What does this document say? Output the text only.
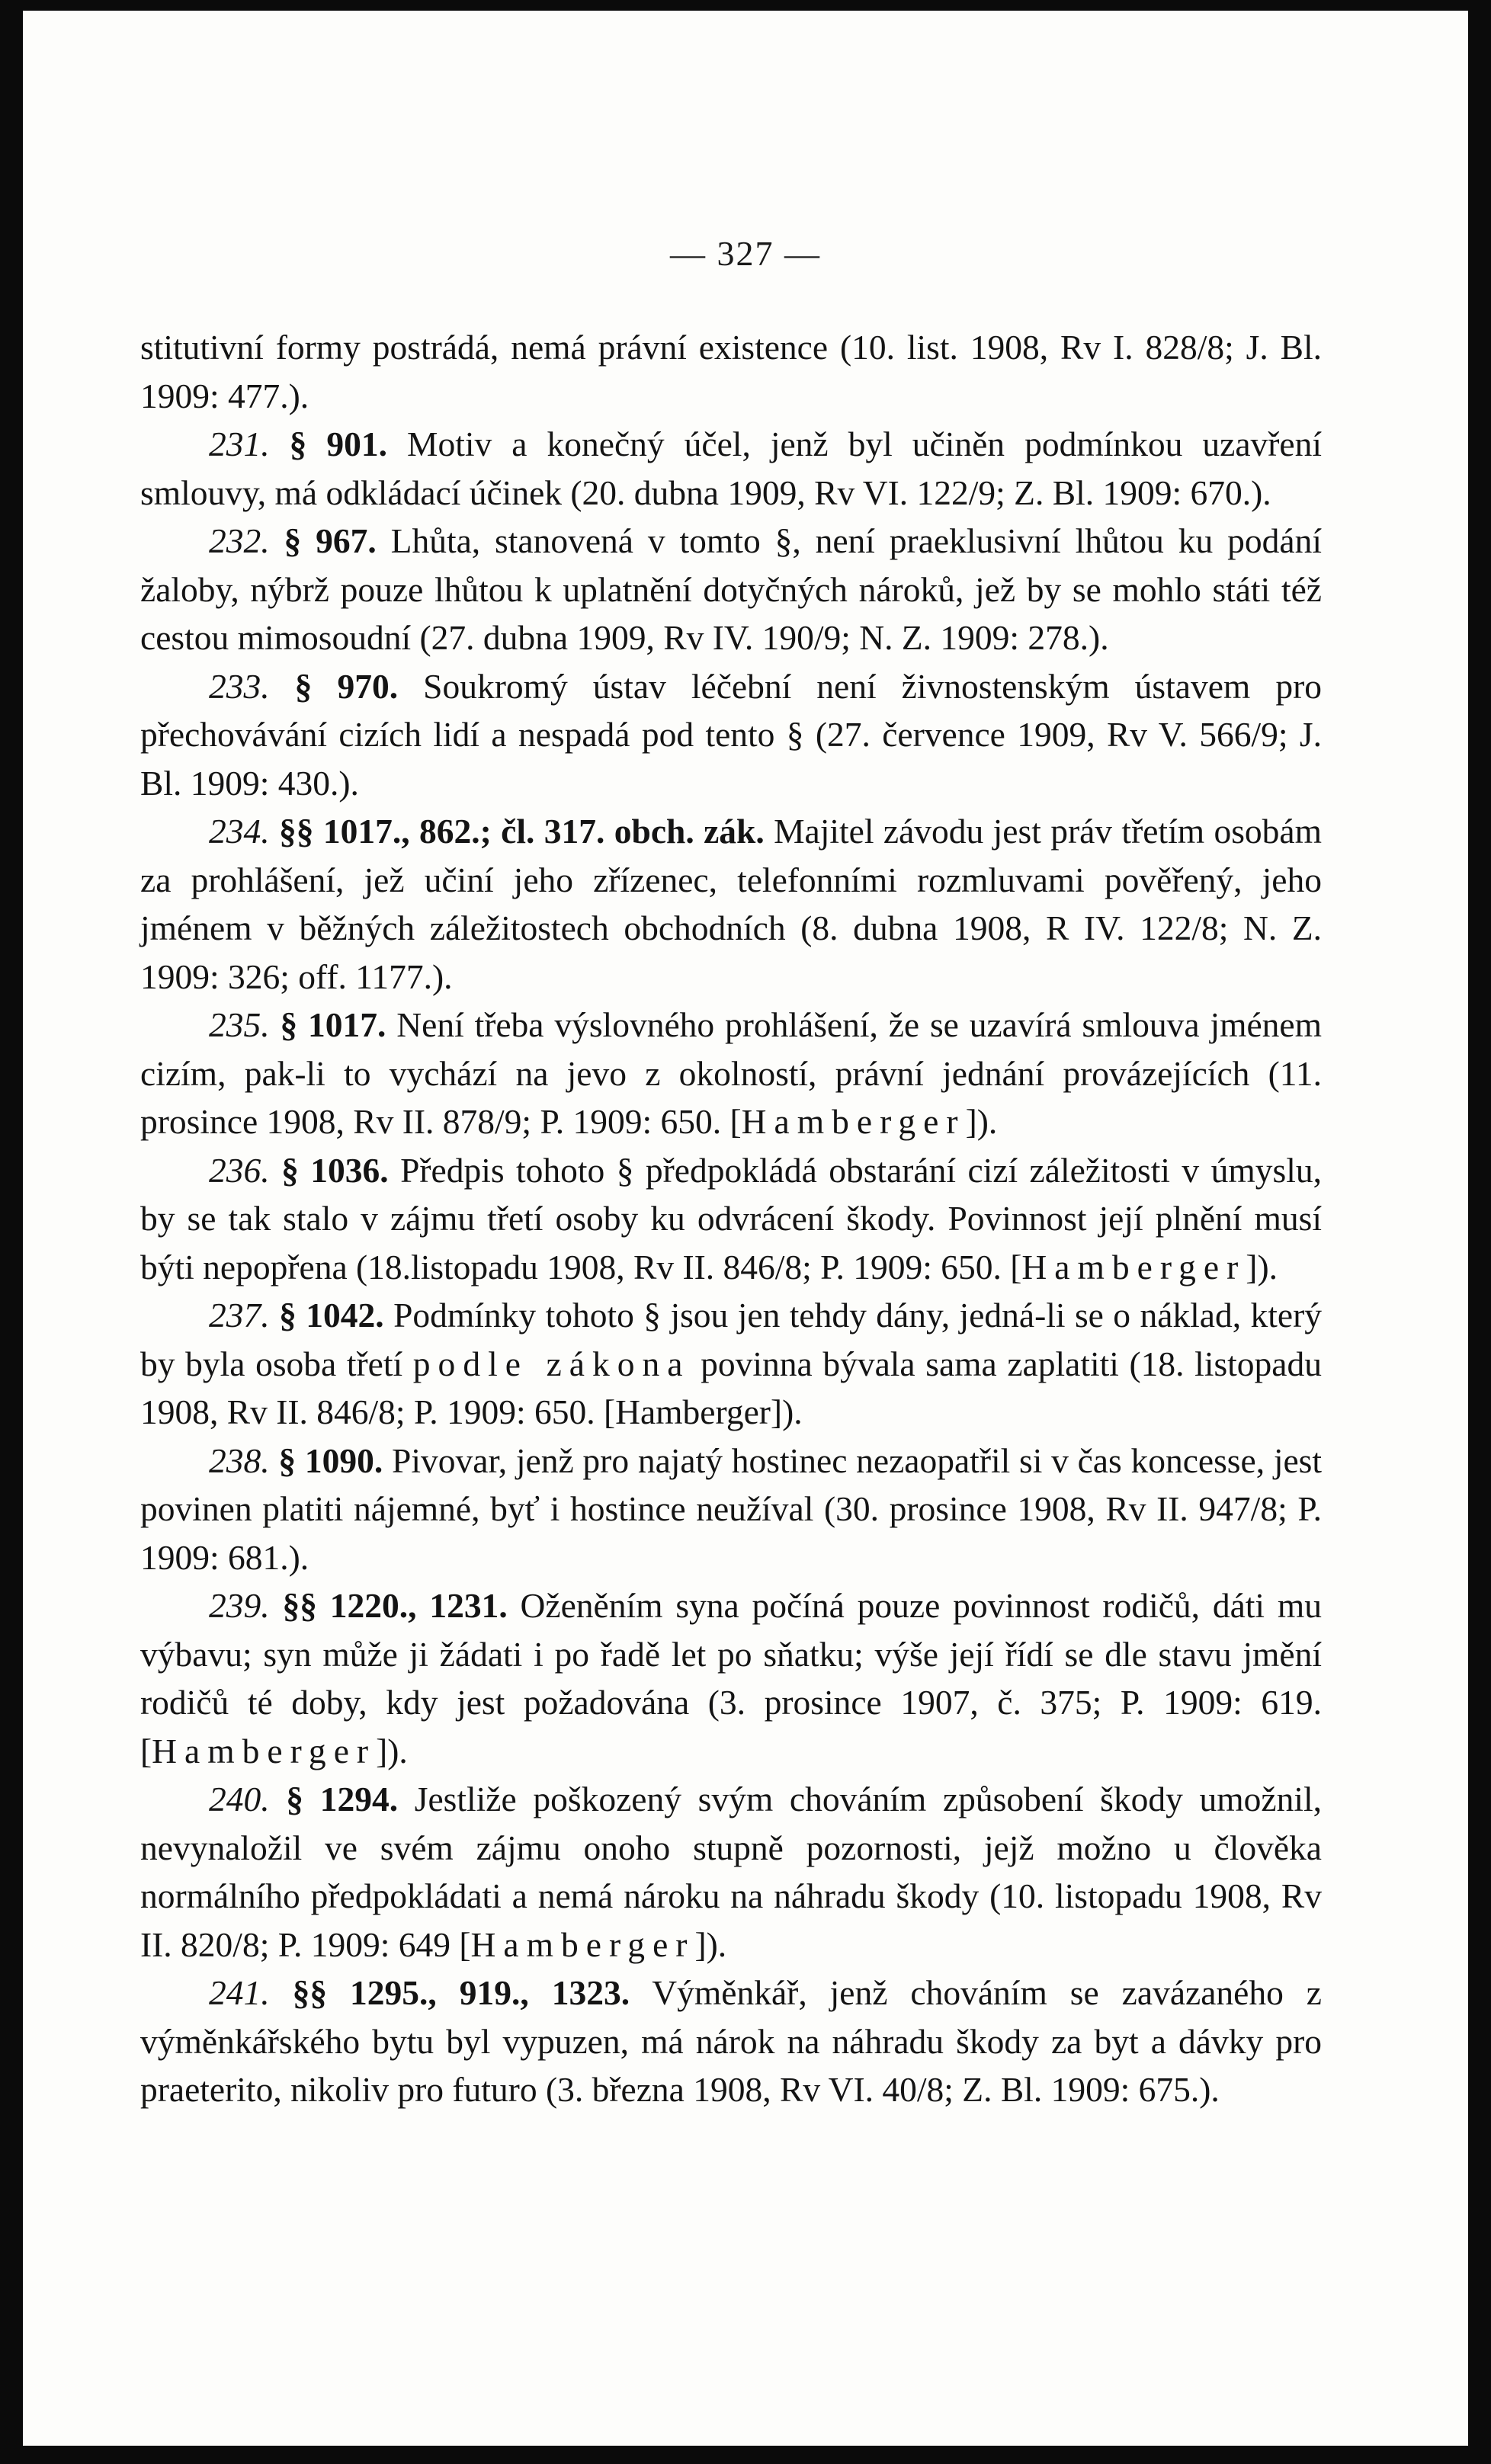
— 327 —

stitutivní formy postrádá, nemá právní existence (10. list. 1908, Rv I. 828/8; J. Bl. 1909: 477.).

231. § 901. Motiv a konečný účel, jenž byl učiněn podmínkou uzavření smlouvy, má odkládací účinek (20. dubna 1909, Rv VI. 122/9; Z. Bl. 1909: 670.).

232. § 967. Lhůta, stanovená v tomto §, není praeklusivní lhůtou ku podání žaloby, nýbrž pouze lhůtou k uplatnění dotyčných nároků, jež by se mohlo státi též cestou mimosoudní (27. dubna 1909, Rv IV. 190/9; N. Z. 1909: 278.).

233. § 970. Soukromý ústav léčební není živnostenským ústavem pro přechovávání cizích lidí a nespadá pod tento § (27. července 1909, Rv V. 566/9; J. Bl. 1909: 430.).

234. §§ 1017., 862.; čl. 317. obch. zák. Majitel závodu jest práv třetím osobám za prohlášení, jež učiní jeho zřízenec, telefonními rozmluvami pověřený, jeho jménem v běžných záležitostech obchodních (8. dubna 1908, R IV. 122/8; N. Z. 1909: 326; off. 1177.).

235. § 1017. Není třeba výslovného prohlášení, že se uzavírá smlouva jménem cizím, pak-li to vychází na jevo z okolností, právní jednání provázejících (11. prosince 1908, Rv II. 878/9; P. 1909: 650. [Hamberger]).

236. § 1036. Předpis tohoto § předpokládá obstarání cizí záležitosti v úmyslu, by se tak stalo v zájmu třetí osoby ku odvrácení škody. Povinnost její plnění musí býti nepopřena (18.listopadu 1908, Rv II. 846/8; P. 1909: 650. [Hamberger]).

237. § 1042. Podmínky tohoto § jsou jen tehdy dány, jedná-li se o náklad, který by byla osoba třetí podle zákona povinna bývala sama zaplatiti (18. listopadu 1908, Rv II. 846/8; P. 1909: 650. [Hamberger]).

238. § 1090. Pivovar, jenž pro najatý hostinec nezaopatřil si v čas koncesse, jest povinen platiti nájemné, byť i hostince neužíval (30. prosince 1908, Rv II. 947/8; P. 1909: 681.).

239. §§ 1220., 1231. Oženěním syna počíná pouze povinnost rodičů, dáti mu výbavu; syn může ji žádati i po řadě let po sňatku; výše její řídí se dle stavu jmění rodičů té doby, kdy jest požadována (3. prosince 1907, č. 375; P. 1909: 619. [Hamberger]).

240. § 1294. Jestliže poškozený svým chováním způsobení škody umožnil, nevynaložil ve svém zájmu onoho stupně pozornosti, jejž možno u člověka normálního předpokládati a nemá nároku na náhradu škody (10. listopadu 1908, Rv II. 820/8; P. 1909: 649 [Hamberger]).

241. §§ 1295., 919., 1323. Výměnkář, jenž chováním se zavázaného z výměnkářského bytu byl vypuzen, má nárok na náhradu škody za byt a dávky pro praeterito, nikoliv pro futuro (3. března 1908, Rv VI. 40/8; Z. Bl. 1909: 675.).
